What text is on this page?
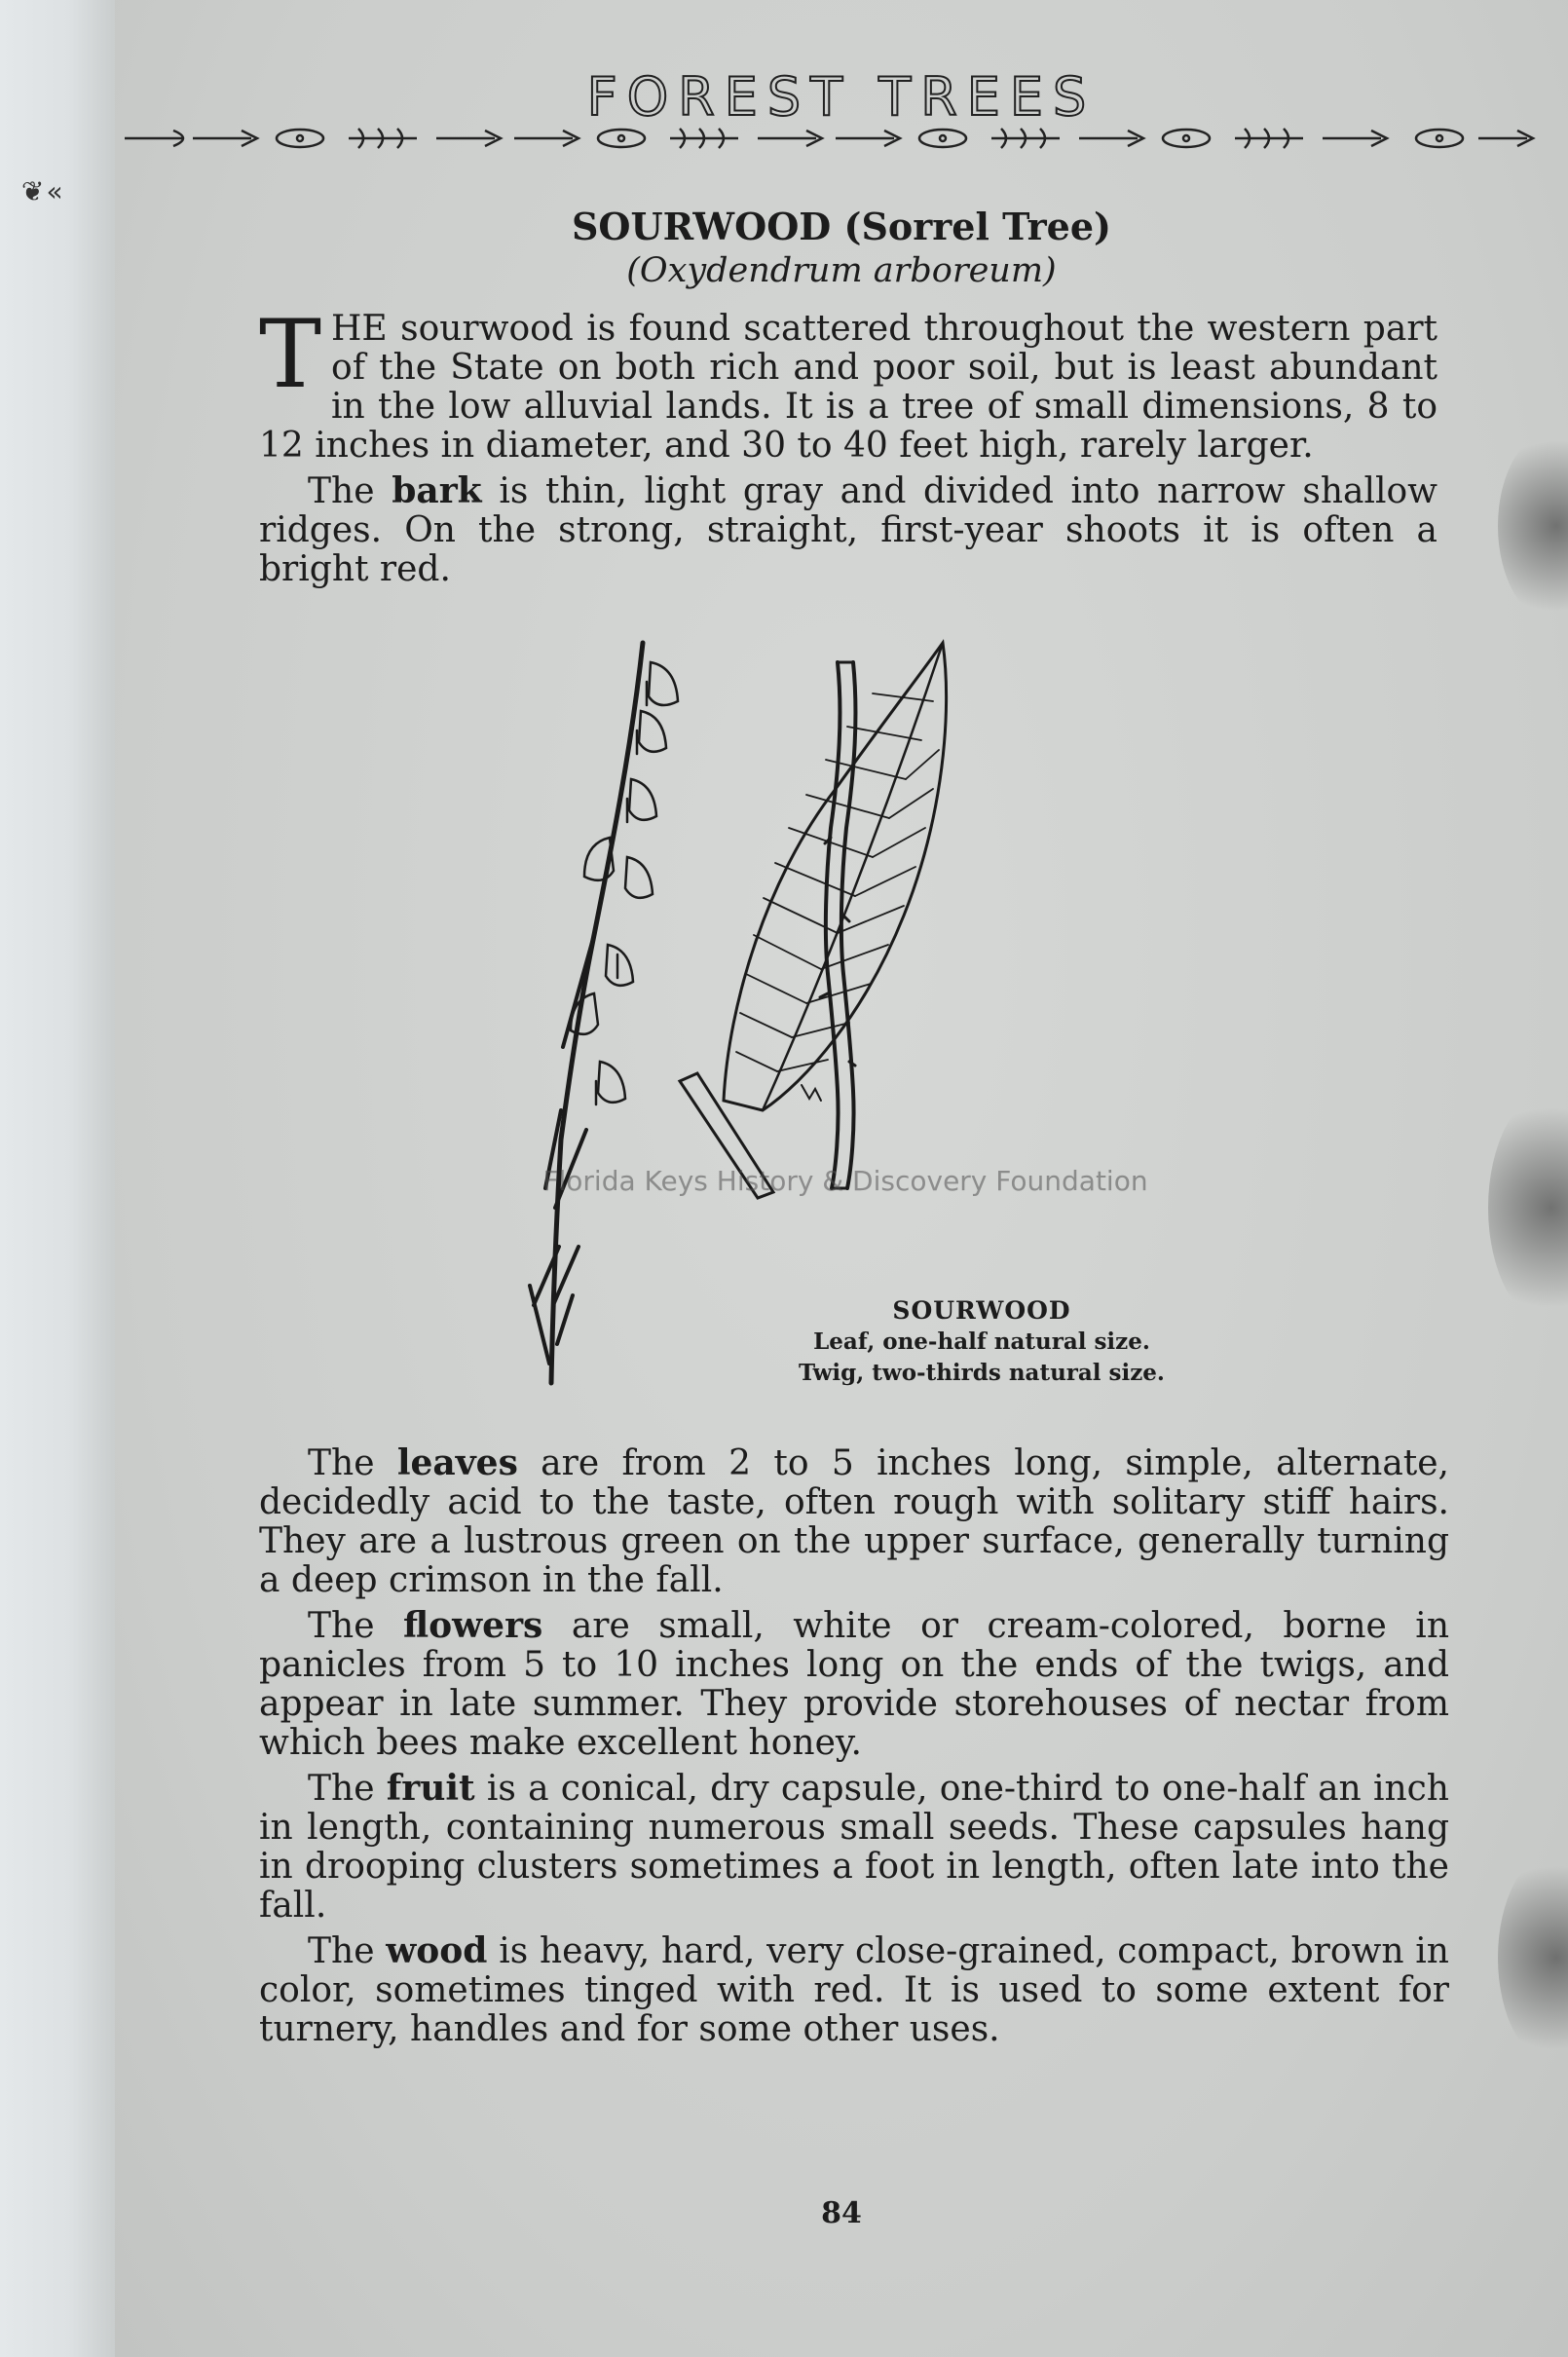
❦«
FOREST TREES
SOURWOOD (Sorrel Tree)
(Oxydendrum arboreum)

THE sourwood is found scattered throughout the western part of the State on both rich and poor soil, but is least abundant in the low alluvial lands. It is a tree of small dimensions, 8 to 12 inches in diameter, and 30 to 40 feet high, rarely larger.

The bark is thin, light gray and divided into narrow shallow ridges. On the strong, straight, first-year shoots it is often a bright red.

Florida Keys History & Discovery Foundation
SOURWOOD
Leaf, one-half natural size.
Twig, two-thirds natural size.

The leaves are from 2 to 5 inches long, simple, alternate, decidedly acid to the taste, often rough with solitary stiff hairs. They are a lustrous green on the upper surface, generally turning a deep crimson in the fall.

The flowers are small, white or cream-colored, borne in panicles from 5 to 10 inches long on the ends of the twigs, and appear in late summer. They provide storehouses of nectar from which bees make excellent honey.

The fruit is a conical, dry capsule, one-third to one-half an inch in length, containing numerous small seeds. These capsules hang in drooping clusters sometimes a foot in length, often late into the fall.

The wood is heavy, hard, very close-grained, compact, brown in color, sometimes tinged with red. It is used to some extent for turnery, handles and for some other uses.

84
